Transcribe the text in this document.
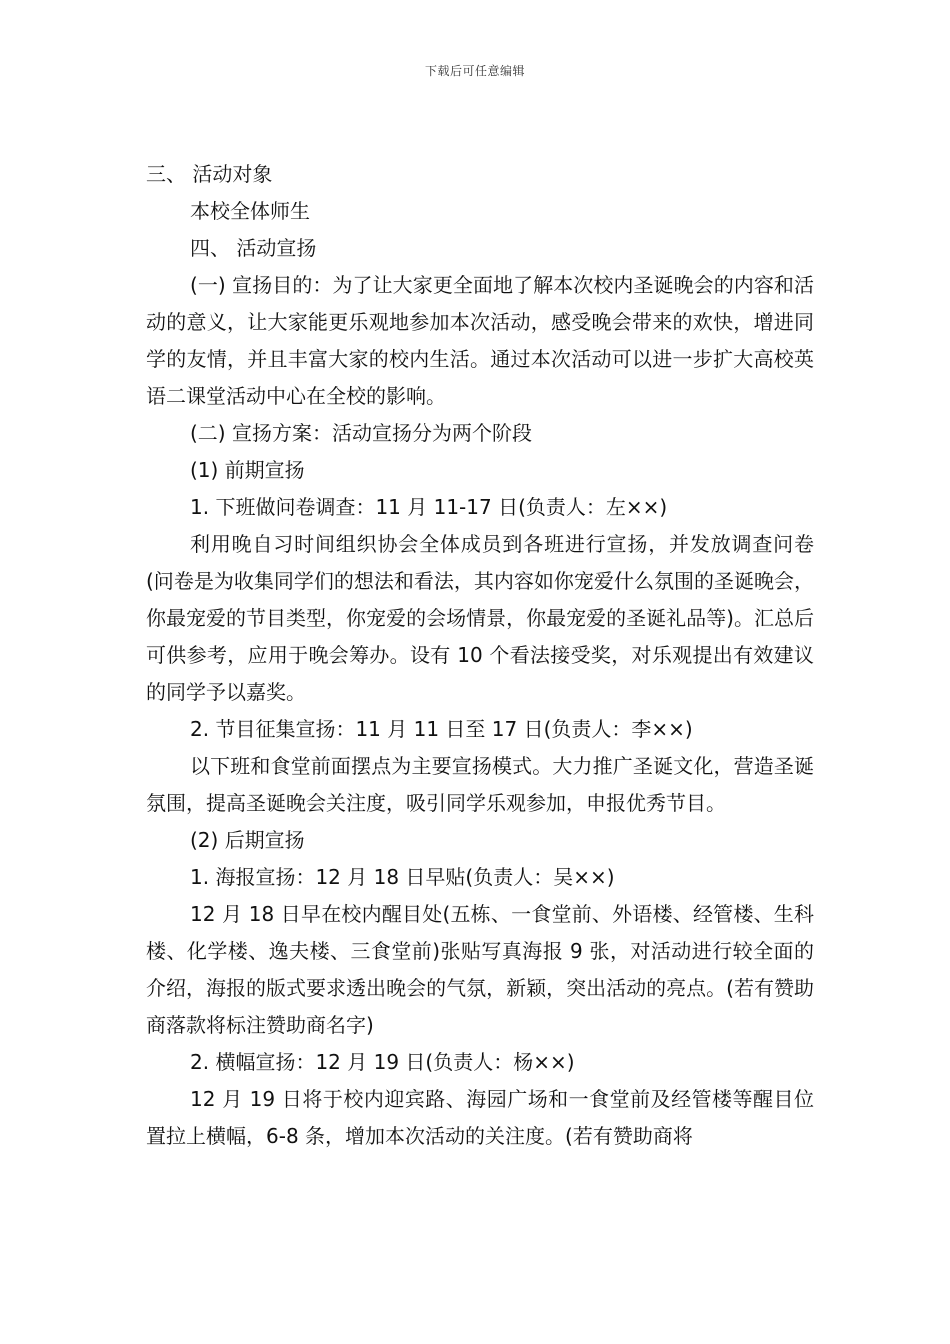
下载后可任意编辑

三、 活动对象

本校全体师生

四、 活动宣扬

(一) 宣扬目的：为了让大家更全面地了解本次校内圣诞晚会的内容和活动的意义，让大家能更乐观地参加本次活动，感受晚会带来的欢快，增进同学的友情，并且丰富大家的校内生活。通过本次活动可以进一步扩大高校英语二课堂活动中心在全校的影响。

(二) 宣扬方案：活动宣扬分为两个阶段

(1) 前期宣扬

1. 下班做问卷调查：11 月 11-17 日(负责人：左××)

利用晚自习时间组织协会全体成员到各班进行宣扬，并发放调查问卷(问卷是为收集同学们的想法和看法，其内容如你宠爱什么氛围的圣诞晚会，你最宠爱的节目类型，你宠爱的会场情景，你最宠爱的圣诞礼品等)。汇总后可供参考，应用于晚会筹办。设有 10 个看法接受奖，对乐观提出有效建议的同学予以嘉奖。

2. 节目征集宣扬：11 月 11 日至 17 日(负责人：李××)

以下班和食堂前面摆点为主要宣扬模式。大力推广圣诞文化，营造圣诞氛围，提高圣诞晚会关注度，吸引同学乐观参加，申报优秀节目。

(2) 后期宣扬

1. 海报宣扬：12 月 18 日早贴(负责人：吴××)

12 月 18 日早在校内醒目处(五栋、一食堂前、外语楼、经管楼、生科楼、化学楼、逸夫楼、三食堂前)张贴写真海报 9 张，对活动进行较全面的介绍，海报的版式要求透出晚会的气氛，新颖，突出活动的亮点。(若有赞助商落款将标注赞助商名字)

2. 横幅宣扬：12 月 19 日(负责人：杨××)

12 月 19 日将于校内迎宾路、海园广场和一食堂前及经管楼等醒目位置拉上横幅，6-8 条，增加本次活动的关注度。(若有赞助商将
